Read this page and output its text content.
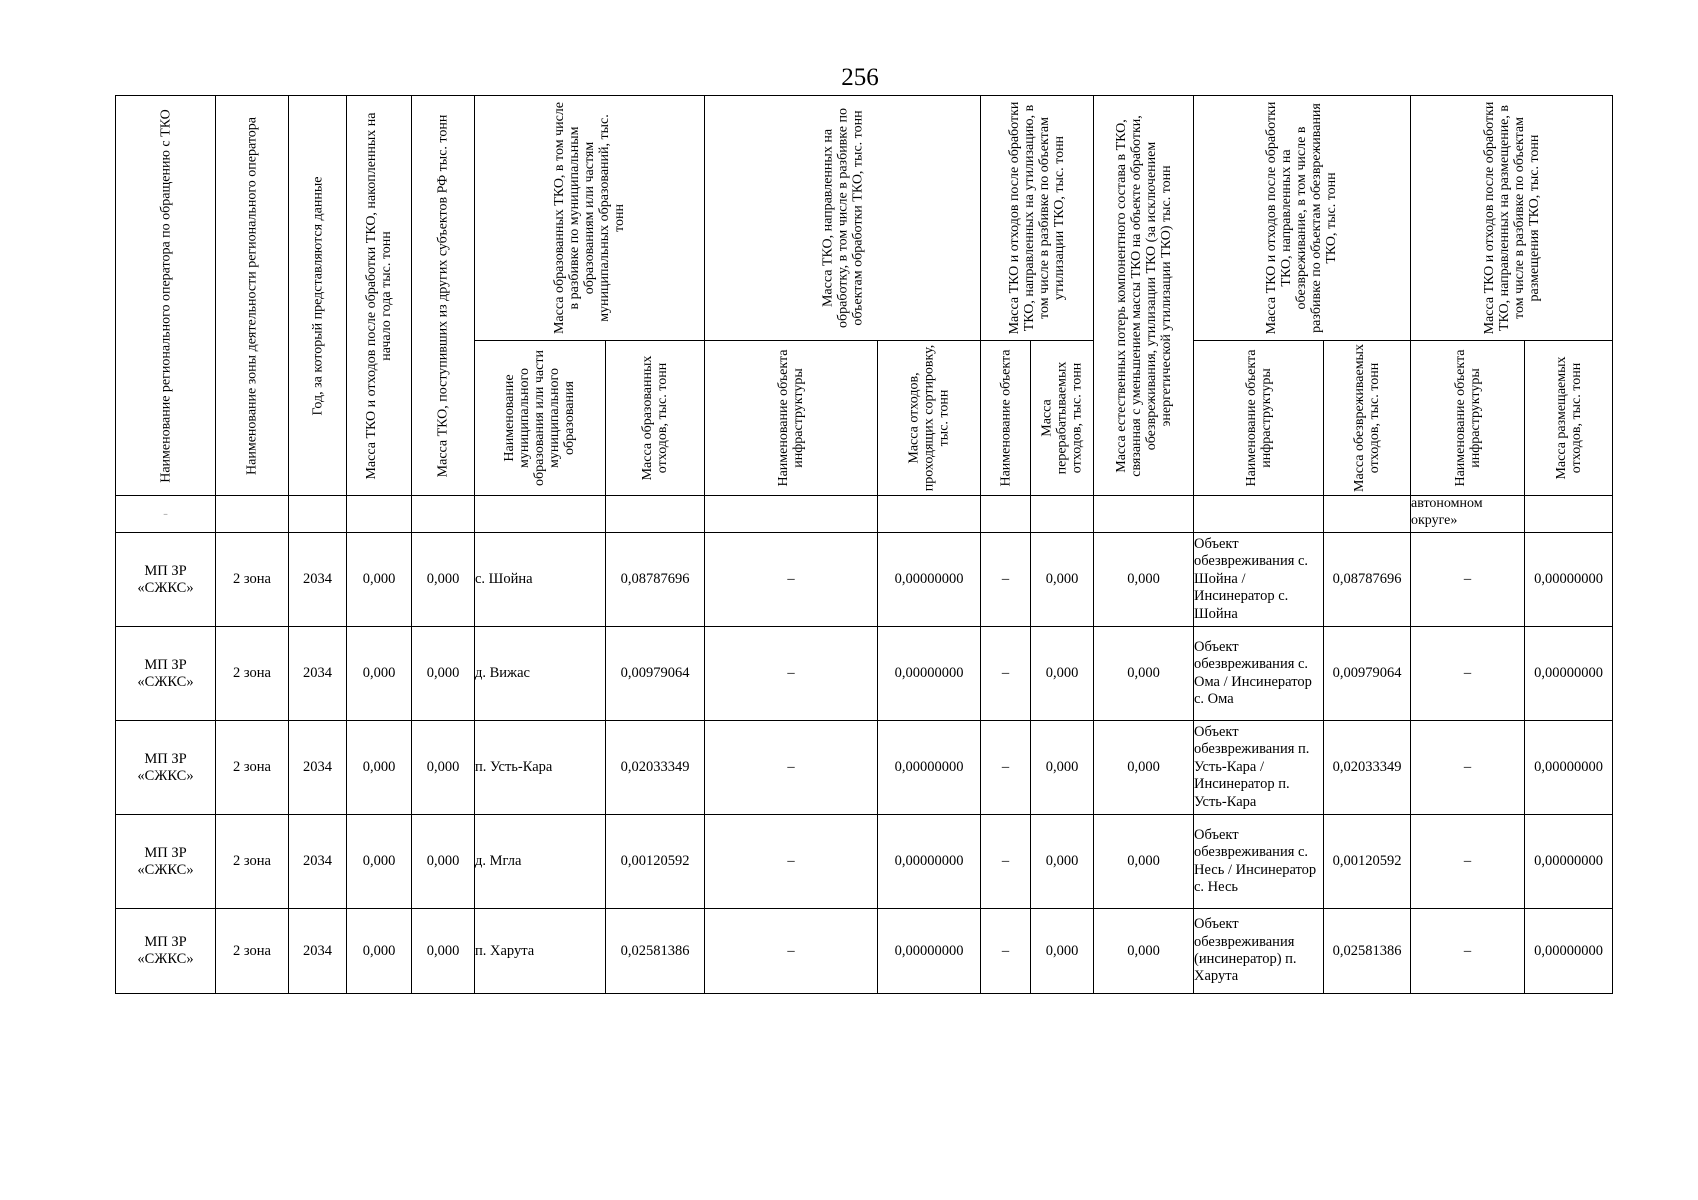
256
Наименование регионального оператора по обращению с ТКО	Наименование зоны деятельности регионального оператора	Год, за который представляются данные	Масса ТКО и отходов после обработки ТКО, накопленных на начало года тыс. тонн	Масса ТКО, поступивших из других субъектов РФ тыс. тонн	Масса образованных ТКО, в том числе в разбивке по муниципальным образованиям или частям муниципальных образований, тыс. тонн		Масса ТКО, направленных на обработку, в том числе в разбивке по объектам обработки ТКО, тыс. тонн		Масса ТКО и отходов после обработки ТКО, направленных на утилизацию, в том числе в разбивке по объектам утилизации ТКО, тыс. тонн		Масса естественных потерь компонентного состава в ТКО, связанная с уменьшением массы ТКО на объекте обработки, обезвреживания, утилизации ТКО (за исключением энергетической утилизации ТКО) тыс. тонн	Масса ТКО и отходов после обработки ТКО, направленных на обезвреживание, в том числе в разбивке по объектам обезвреживания ТКО, тыс. тонн		Масса ТКО и отходов после обработки ТКО, направленных на размещение, в том числе в разбивке по объектам размещения ТКО, тыс. тонн	

					Наименование муниципального образования или части муниципального образования	Масса образованных отходов, тыс. тонн	Наименование объекта инфраструктуры	Масса отходов, проходящих сортировку, тыс. тонн	Наименование объекта	Масса перерабатываемых отходов, тыс. тонн		Наименование объекта инфраструктуры	Масса обезвреживаемых отходов, тыс. тонн	Наименование объекта инфраструктуры	Масса размещаемых отходов, тыс. тонн

-														автономном округе»	
МП ЗР «СЖКС»	2 зона	2034	0,000	0,000	с. Шойна	0,08787696	–	0,00000000	–	0,000	0,000	Объект обезвреживания с. Шойна / Инсинератор с. Шойна	0,08787696	–	0,00000000
МП ЗР «СЖКС»	2 зона	2034	0,000	0,000	д. Вижас	0,00979064	–	0,00000000	–	0,000	0,000	Объект обезвреживания с. Ома / Инсинератор с. Ома	0,00979064	–	0,00000000
МП ЗР «СЖКС»	2 зона	2034	0,000	0,000	п. Усть-Кара	0,02033349	–	0,00000000	–	0,000	0,000	Объект обезвреживания п. Усть-Кара / Инсинератор п. Усть-Кара	0,02033349	–	0,00000000
МП ЗР «СЖКС»	2 зона	2034	0,000	0,000	д. Мгла	0,00120592	–	0,00000000	–	0,000	0,000	Объект обезвреживания с. Несь / Инсинератор с. Несь	0,00120592	–	0,00000000
МП ЗР «СЖКС»	2 зона	2034	0,000	0,000	п. Харута	0,02581386	–	0,00000000	–	0,000	0,000	Объект обезвреживания (инсинератор) п. Харута	0,02581386	–	0,00000000
